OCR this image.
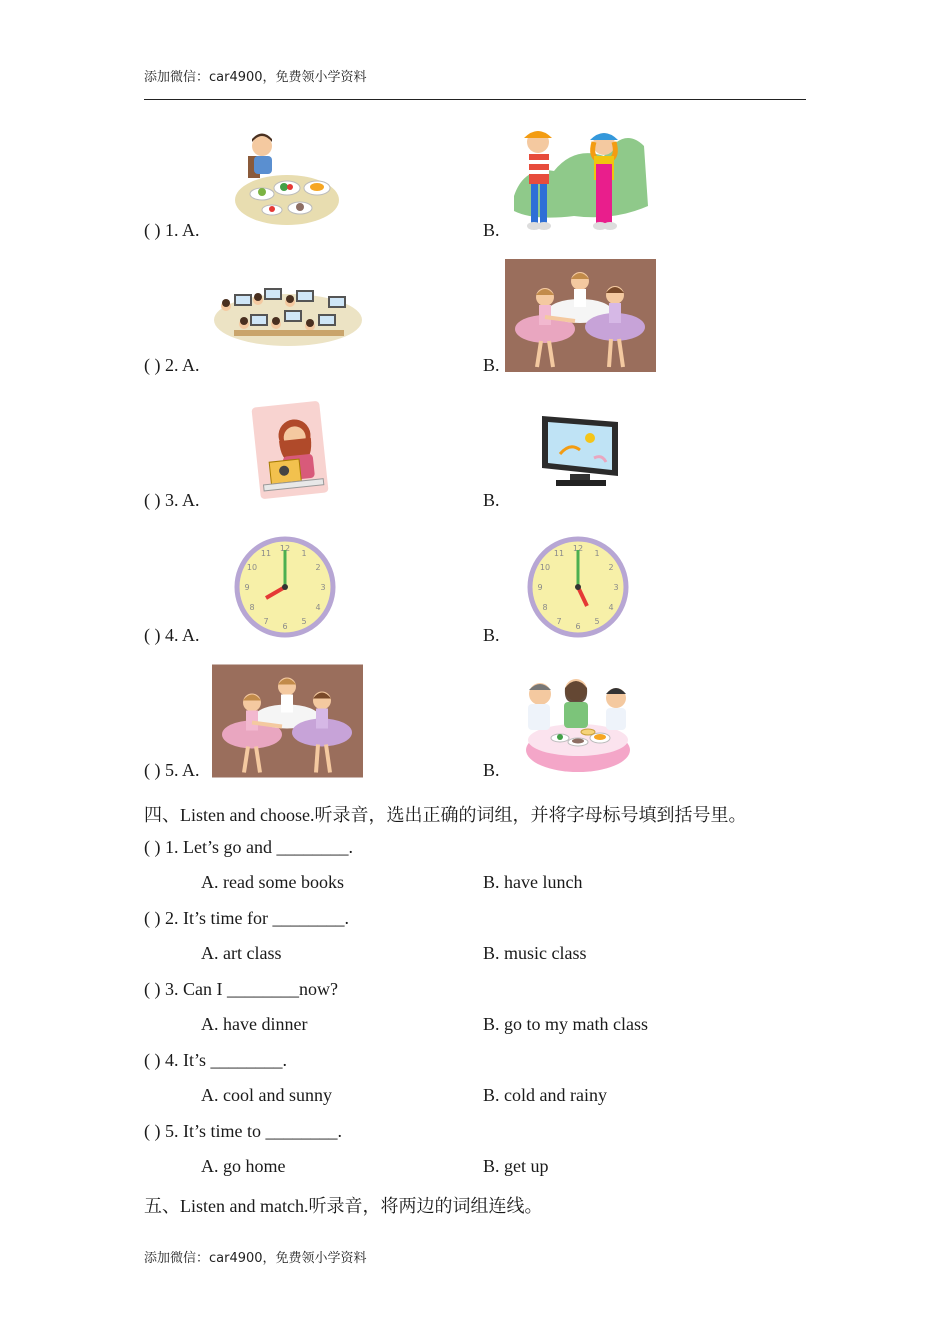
添加微信：car4900，免费领小学资料
( ) 1. A.	B.
( ) 2. A.	B.
( ) 3. A.	B.
( ) 4. A.	B.
12
1
2
3
4
5
6
7
8
9
10
11
12
1
2
3
4
5
6
7
8
9
10
11
( ) 5. A.	B.
四、Listen and choose.听录音，选出正确的词组，并将字母标号填到括号里。
( ) 1. Let’s go and ________.
A. read some books	B. have lunch
( ) 2. It’s time for ________.
A. art class	B. music class
( ) 3. Can I ________now?
A. have dinner	B. go to my math class
( ) 4. It’s ________.
A. cool and sunny	B. cold and rainy
( ) 5. It’s time to ________.
A. go home	B. get up
五、Listen and match.听录音，将两边的词组连线。
添加微信：car4900，免费领小学资料
